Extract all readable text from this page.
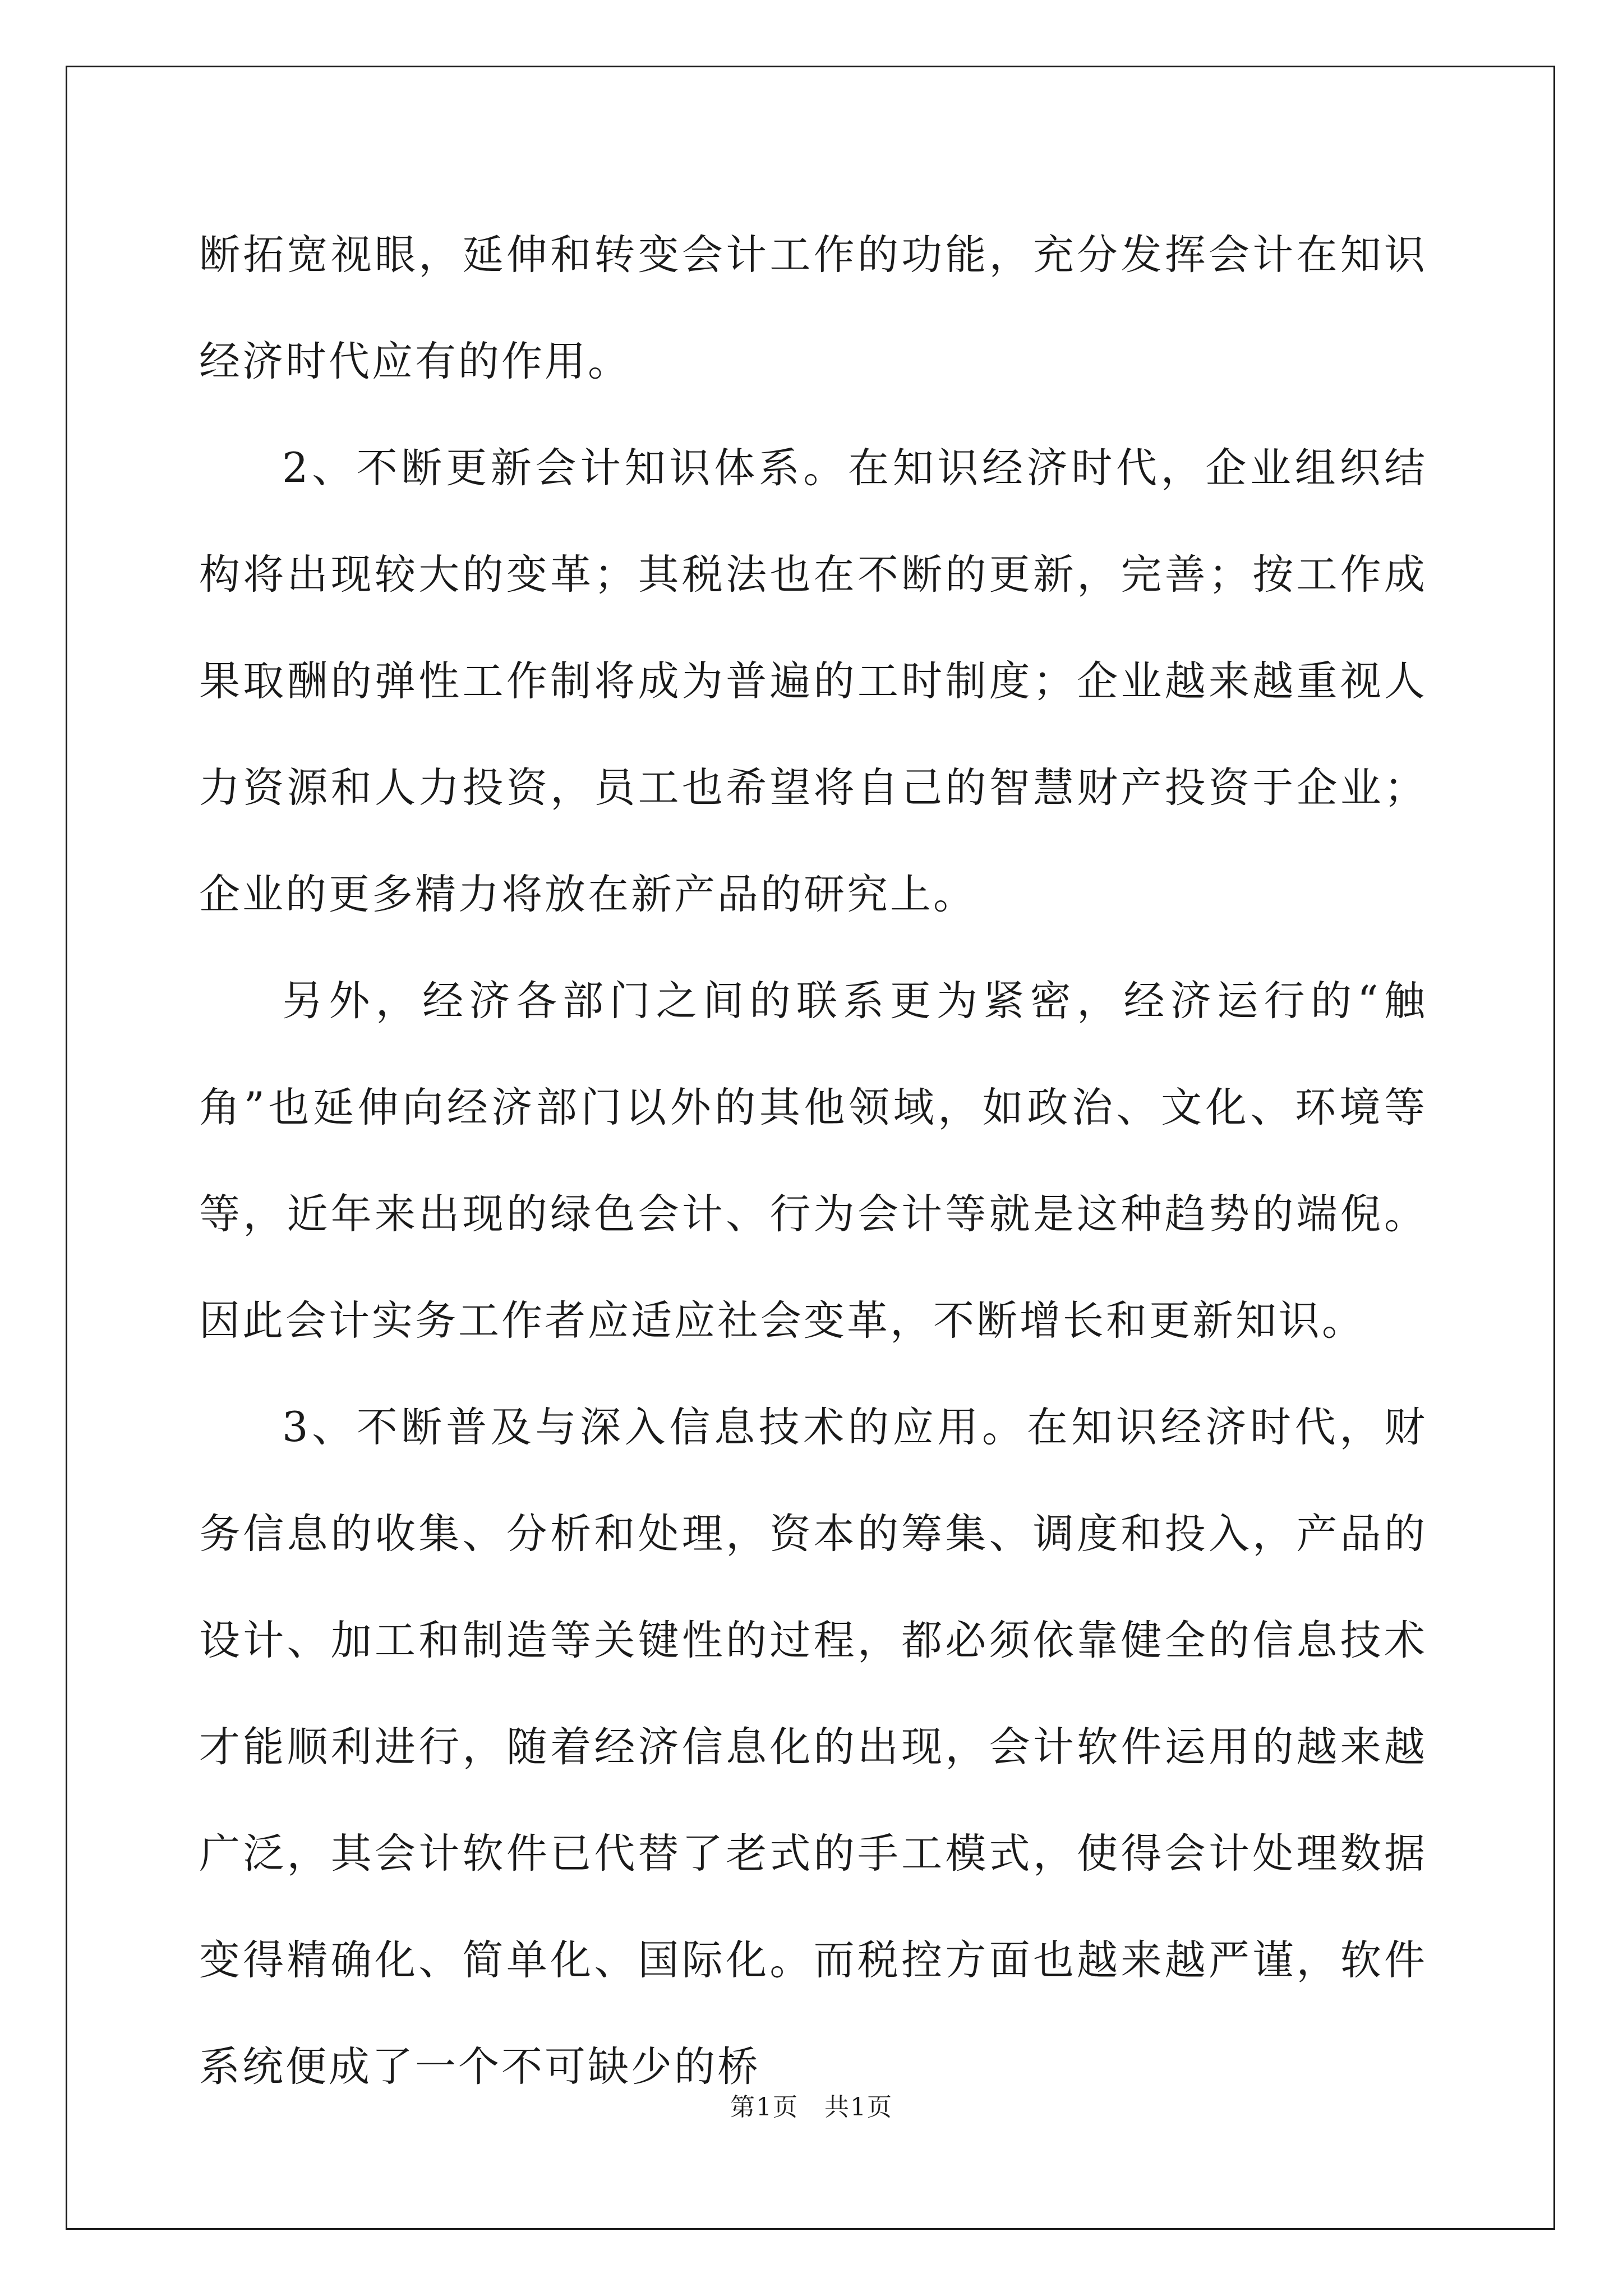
断拓宽视眼，延伸和转变会计工作的功能，充分发挥会计在知识经济时代应有的作用。

2、不断更新会计知识体系。在知识经济时代，企业组织结构将出现较大的变革；其税法也在不断的更新，完善；按工作成果取酬的弹性工作制将成为普遍的工时制度；企业越来越重视人力资源和人力投资，员工也希望将自己的智慧财产投资于企业；企业的更多精力将放在新产品的研究上。

另外，经济各部门之间的联系更为紧密，经济运行的“触角”也延伸向经济部门以外的其他领域，如政治、文化、环境等等，近年来出现的绿色会计、行为会计等就是这种趋势的端倪。因此会计实务工作者应适应社会变革，不断增长和更新知识。

3、不断普及与深入信息技术的应用。在知识经济时代，财务信息的收集、分析和处理，资本的筹集、调度和投入，产品的设计、加工和制造等关键性的过程，都必须依靠健全的信息技术才能顺利进行，随着经济信息化的出现，会计软件运用的越来越广泛，其会计软件已代替了老式的手工模式，使得会计处理数据变得精确化、简单化、国际化。而税控方面也越来越严谨，软件系统便成了一个不可缺少的桥

第1页　共1页
